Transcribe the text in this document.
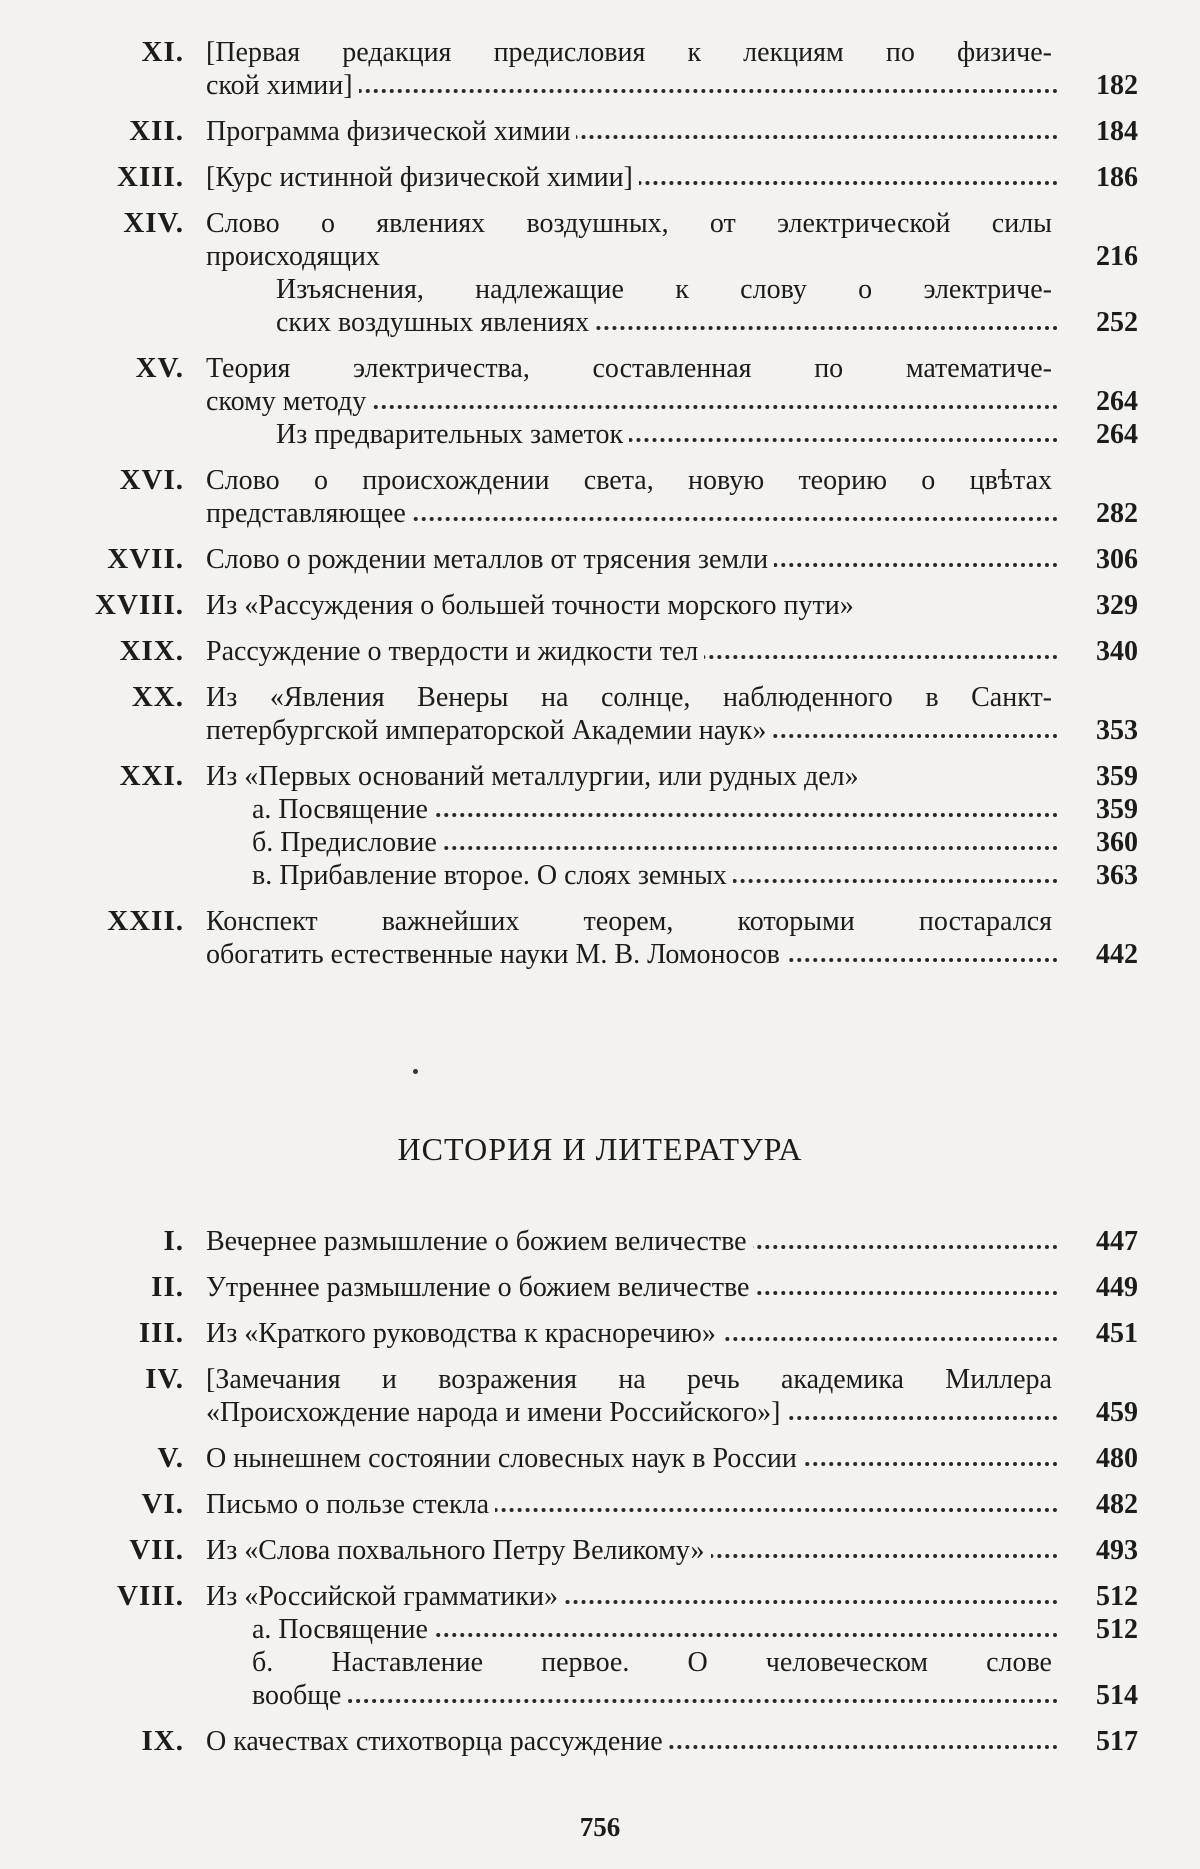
XI. [Первая редакция предисловия к лекциям по физиче-
ской химии]	182
XII. Программа физической химии	184
XIII. [Курс истинной физической химии]	186
XIV. Слово о явлениях воздушных, от электрической силы
происходящих	216
Изъяснения, надлежащие к слову о электриче-
ских воздушных явлениях	252
XV. Теория электричества, составленная по математиче-
скому методу	264
Из предварительных заметок	264
XVI. Слово о происхождении света, новую теорию о цвѣтах
представляющее	282
XVII. Слово о рождении металлов от трясения земли	306
XVIII. Из «Рассуждения о большей точности морского пути»	329
XIX. Рассуждение о твердости и жидкости тел	340
XX. Из «Явления Венеры на солнце, наблюденного в Санкт-
петербургской императорской Академии наук»	353
XXI. Из «Первых оснований металлургии, или рудных дел»	359
а. Посвящение	359
б. Предисловие	360
в. Прибавление второе. О слоях земных	363
XXII. Конспект важнейших теорем, которыми постарался
обогатить естественные науки М. В. Ломоносов	442
ИСТОРИЯ И ЛИТЕРАТУРА
I. Вечернее размышление о божием величестве	447
II. Утреннее размышление о божием величестве	449
III. Из «Краткого руководства к красноречию»	451
IV. [Замечания и возражения на речь академика Миллера
«Происхождение народа и имени Российского»]	459
V. О нынешнем состоянии словесных наук в России	480
VI. Письмо о пользе стекла	482
VII. Из «Слова похвального Петру Великому»	493
VIII. Из «Российской грамматики»	512
а. Посвящение	512
б. Наставление первое. О человеческом слове
вообще	514
IX. О качествах стихотворца рассуждение	517
756
